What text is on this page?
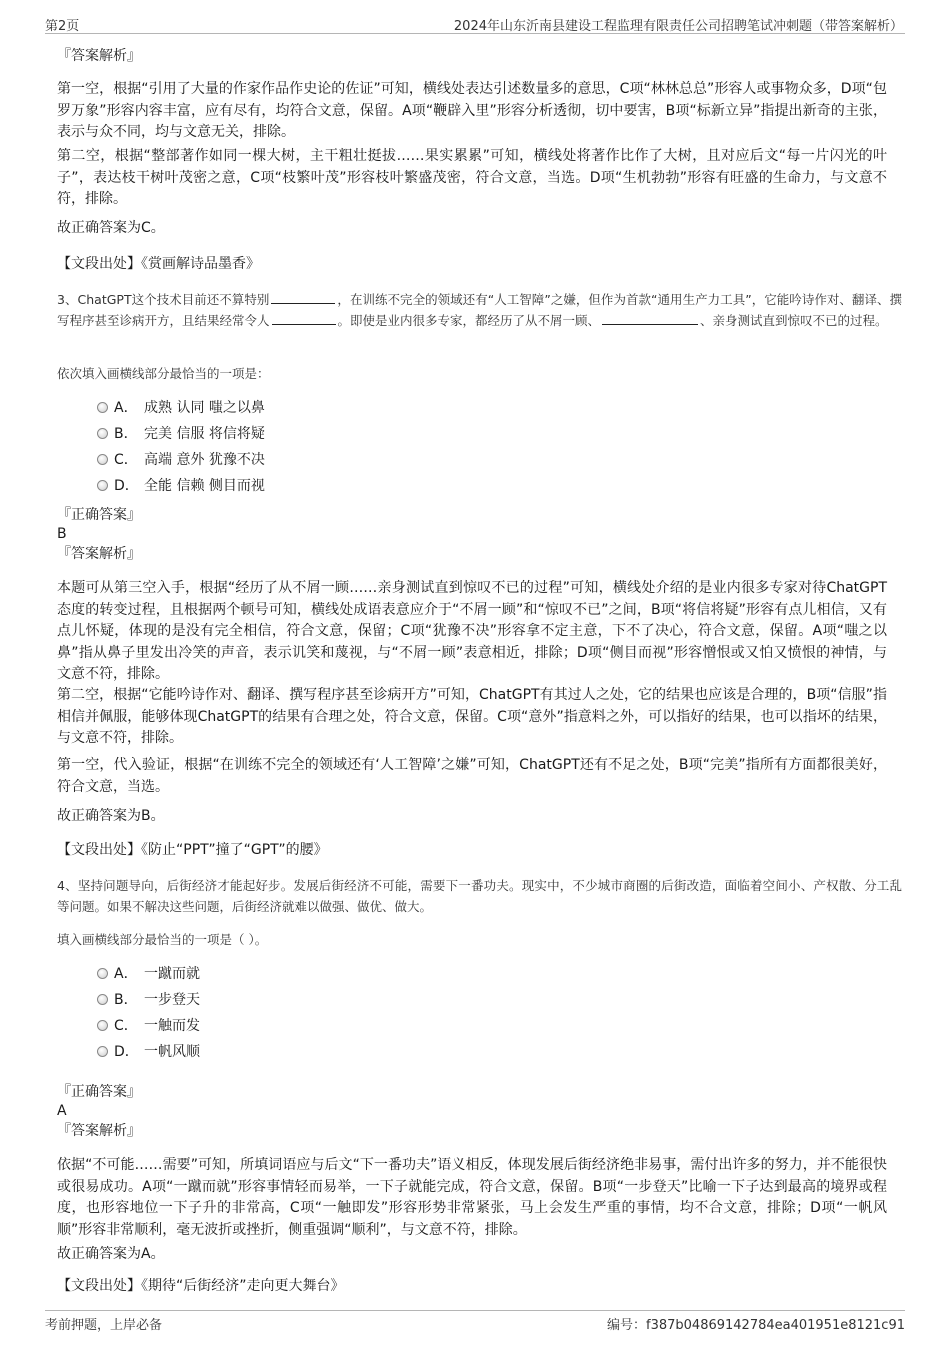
第2页	2024年山东沂南县建设工程监理有限责任公司招聘笔试冲刺题（带答案解析）
『答案解析』
第一空，根据“引用了大量的作家作品作史论的佐证”可知，横线处表达引述数量多的意思，C项“林林总总”形容人或事物众多，D项“包罗万象”形容内容丰富，应有尽有，均符合文意，保留。A项“鞭辟入里”形容分析透彻，切中要害，B项“标新立异”指提出新奇的主张，表示与众不同，均与文意无关，排除。
第二空，根据“整部著作如同一棵大树，主干粗壮挺拔……果实累累”可知，横线处将著作比作了大树，且对应后文“每一片闪光的叶子”，表达枝干树叶茂密之意，C项“枝繁叶茂”形容枝叶繁盛茂密，符合文意，当选。D项“生机勃勃”形容有旺盛的生命力，与文意不符，排除。
故正确答案为C。
【文段出处】《赏画解诗品墨香》
3、ChatGPT这个技术目前还不算特别	，在训练不完全的领域还有“人工智障”之嫌，但作为首款“通用生产力工具”，它能吟诗作对、翻译、撰写程序甚至诊病开方，且结果经常令人	。即使是业内很多专家，都经历了从不屑一顾、	、亲身测试直到惊叹不已的过程。
依次填入画横线部分最恰当的一项是：
A． 成熟 认同 嗤之以鼻
B． 完美 信服 将信将疑
C． 高端 意外 犹豫不决
D． 全能 信赖 侧目而视
『正确答案』
B
『答案解析』
本题可从第三空入手，根据“经历了从不屑一顾……亲身测试直到惊叹不已的过程”可知，横线处介绍的是业内很多专家对待ChatGPT态度的转变过程，且根据两个顿号可知，横线处成语表意应介于“不屑一顾”和“惊叹不已”之间，B项“将信将疑”形容有点儿相信，又有点儿怀疑，体现的是没有完全相信，符合文意，保留；C项“犹豫不决”形容拿不定主意，下不了决心，符合文意，保留。A项“嗤之以鼻”指从鼻子里发出冷笑的声音，表示讥笑和蔑视，与“不屑一顾”表意相近，排除；D项“侧目而视”形容憎恨或又怕又愤恨的神情，与文意不符，排除。
第二空，根据“它能吟诗作对、翻译、撰写程序甚至诊病开方”可知，ChatGPT有其过人之处，它的结果也应该是合理的，B项“信服”指相信并佩服，能够体现ChatGPT的结果有合理之处，符合文意，保留。C项“意外”指意料之外，可以指好的结果，也可以指坏的结果，与文意不符，排除。
第一空，代入验证，根据“在训练不完全的领域还有‘人工智障’之嫌”可知，ChatGPT还有不足之处，B项“完美”指所有方面都很美好，符合文意，当选。
故正确答案为B。
【文段出处】《防止“PPT”撞了“GPT”的腰》
4、坚持问题导向，后街经济才能起好步。发展后街经济不可能，需要下一番功夫。现实中，不少城市商圈的后街改造，面临着空间小、产权散、分工乱等问题。如果不解决这些问题，后街经济就难以做强、做优、做大。
填入画横线部分最恰当的一项是（ ）。
A． 一蹴而就
B． 一步登天
C． 一触而发
D． 一帆风顺
『正确答案』
A
『答案解析』
依据“不可能……需要”可知，所填词语应与后文“下一番功夫”语义相反，体现发展后街经济绝非易事，需付出许多的努力，并不能很快或很易成功。A项“一蹴而就”形容事情轻而易举，一下子就能完成，符合文意，保留。B项“一步登天”比喻一下子达到最高的境界或程度，也形容地位一下子升的非常高，C项“一触即发”形容形势非常紧张，马上会发生严重的事情，均不合文意，排除；D项“一帆风顺”形容非常顺利，毫无波折或挫折，侧重强调“顺利”，与文意不符，排除。
故正确答案为A。
【文段出处】《期待“后街经济”走向更大舞台》
考前押题，上岸必备	编号：f387b04869142784ea401951e8121c91
